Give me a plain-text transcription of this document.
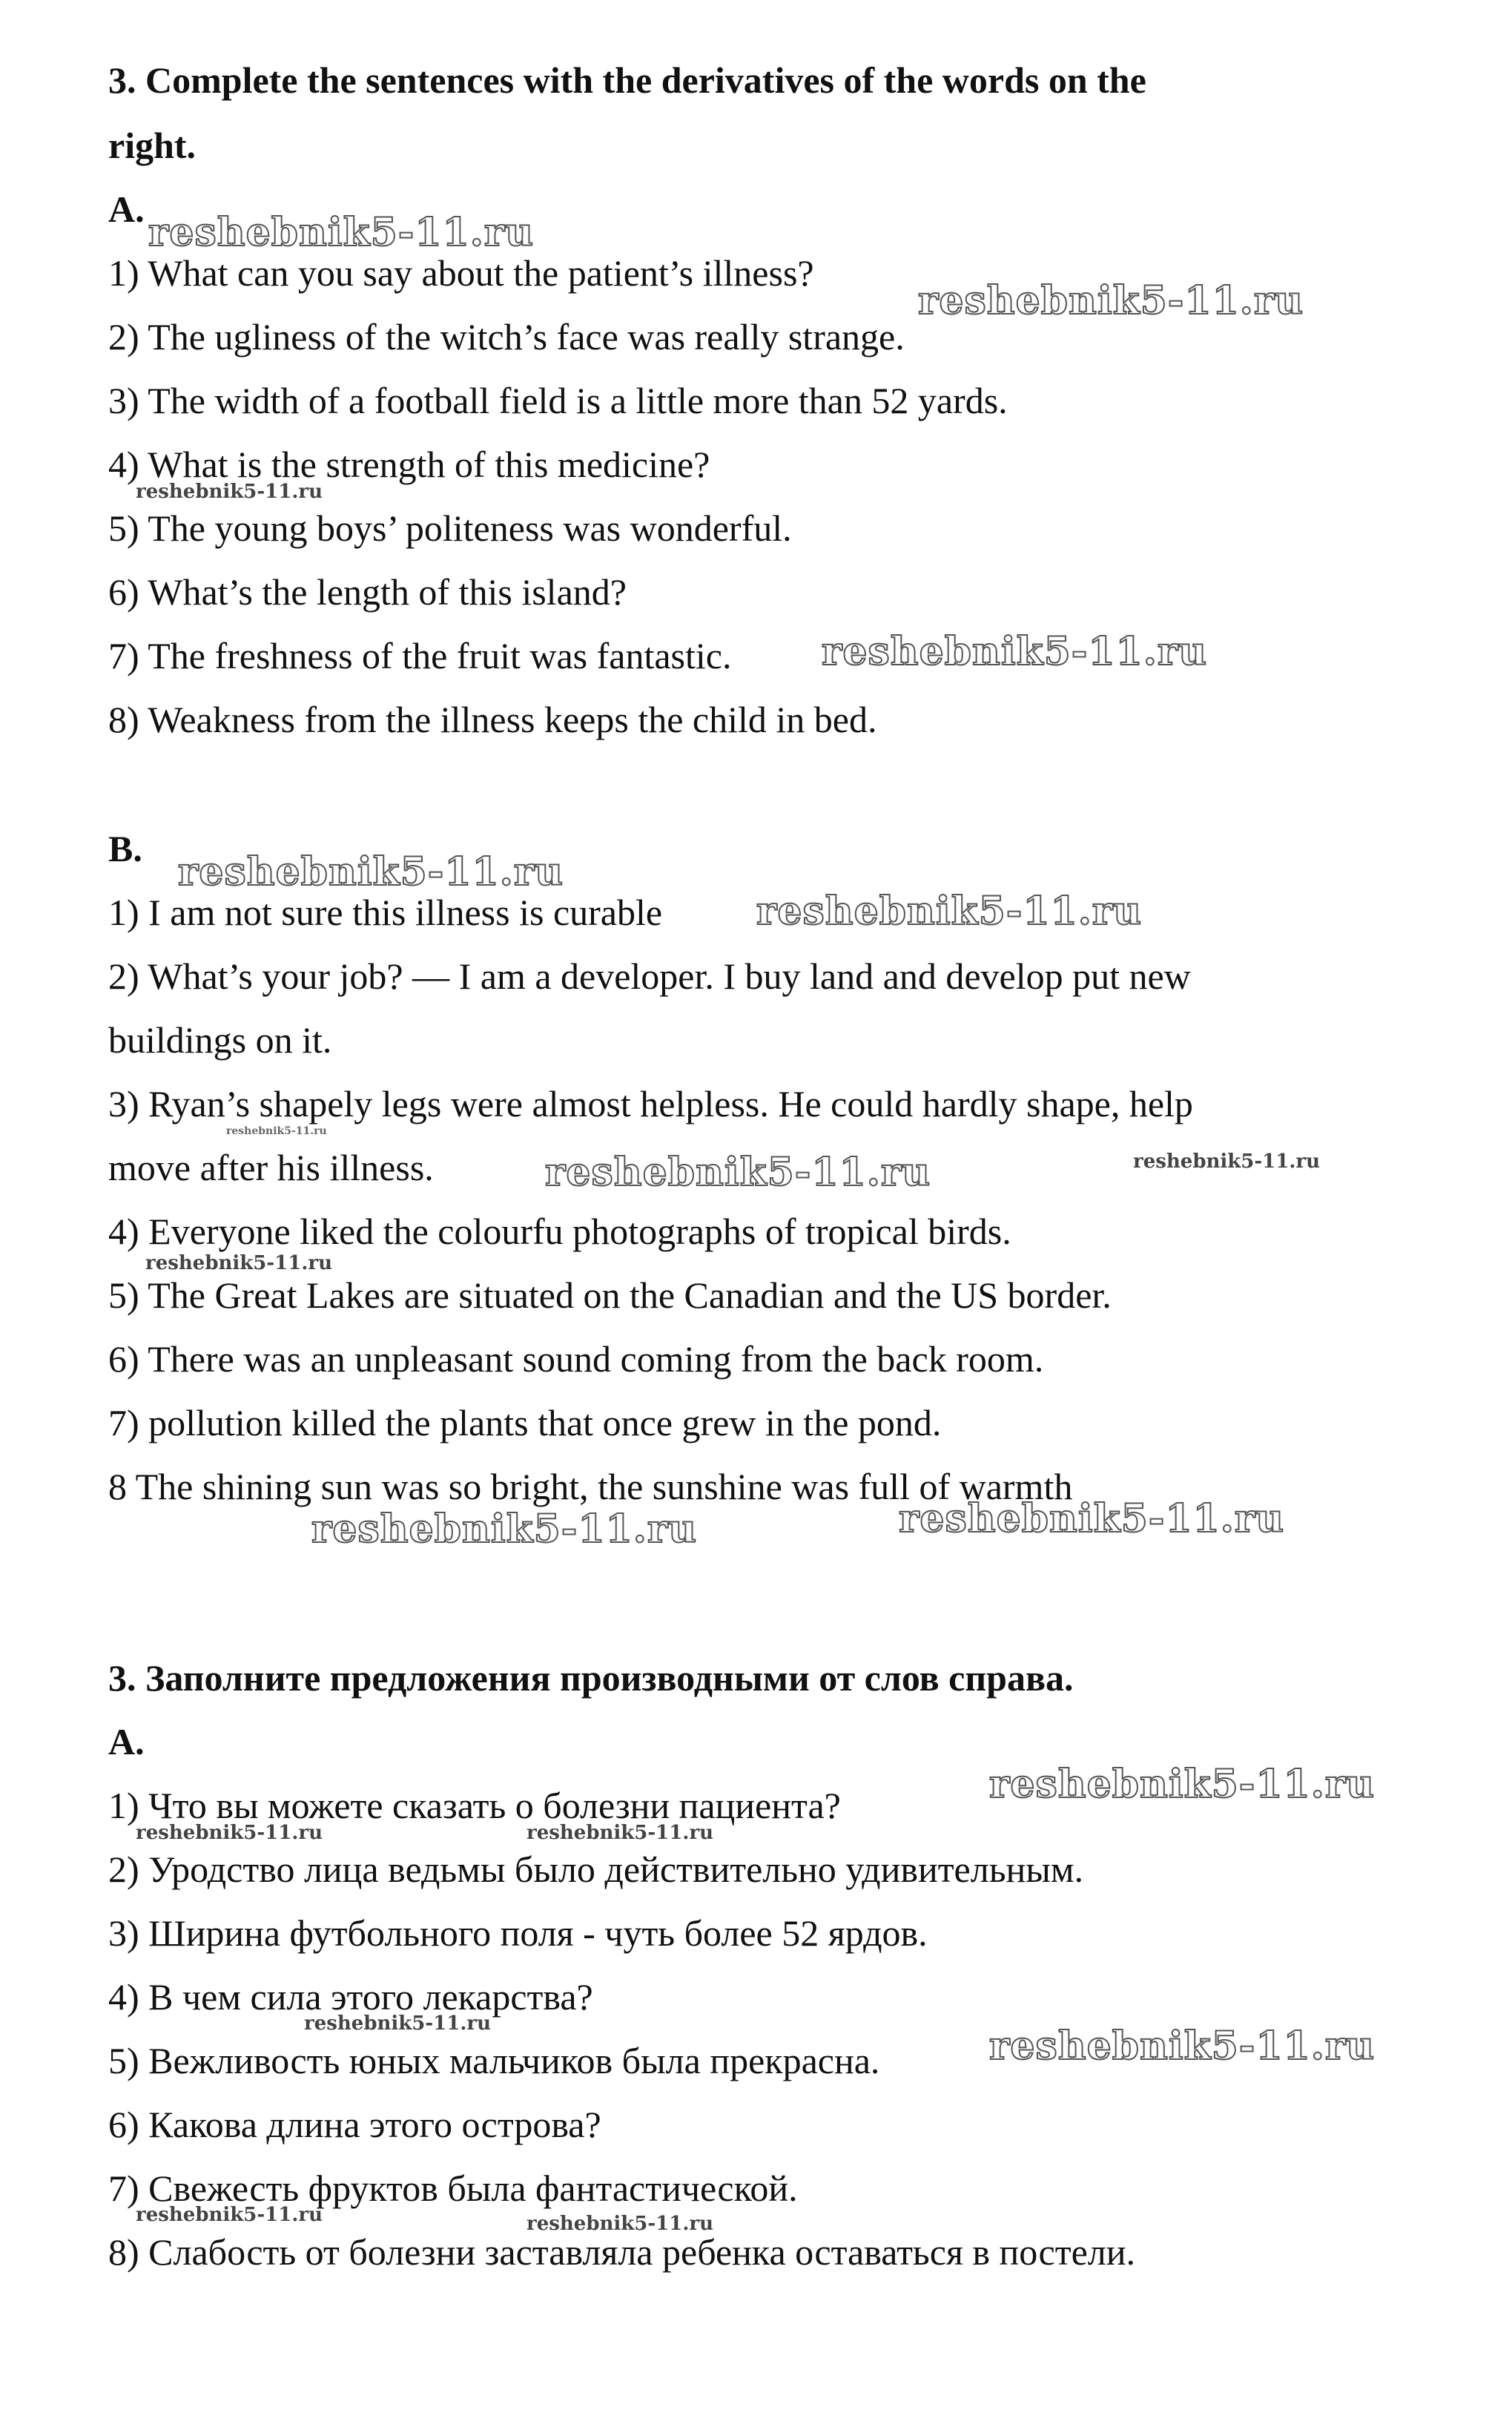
3. Complete the sentences with the derivatives of the words on the
right.
A.
1) What can you say about the patient’s illness?
2) The ugliness of the witch’s face was really strange.
3) The width of a football field is a little more than 52 yards.
4) What is the strength of this medicine?
5) The young boys’ politeness was wonderful.
6) What’s the length of this island?
7) The freshness of the fruit was fantastic.
8) Weakness from the illness keeps the child in bed.
B.
1) I am not sure this illness is curable
2) What’s your job? — I am a developer. I buy land and develop put new
buildings on it.
3) Ryan’s shapely legs were almost helpless. He could hardly shape, help
move after his illness.
4) Everyone liked the colourfu photographs of tropical birds.
5) The Great Lakes are situated on the Canadian and the US border.
6) There was an unpleasant sound coming from the back room.
7) pollution killed the plants that once grew in the pond.
8 The shining sun was so bright, the sunshine was full of warmth
3. Заполните предложения производными от слов справа.
A.
1) Что вы можете сказать о болезни пациента?
2) Уродство лица ведьмы было действительно удивительным.
3) Ширина футбольного поля - чуть более 52 ярдов.
4) В чем сила этого лекарства?
5) Вежливость юных мальчиков была прекрасна.
6) Какова длина этого острова?
7) Свежесть фруктов была фантастической.
8) Слабость от болезни заставляла ребенка оставаться в постели.
reshebnik5-11.ru
reshebnik5-11.ru
reshebnik5-11.ru
reshebnik5-11.ru
reshebnik5-11.ru
reshebnik5-11.ru
reshebnik5-11.ru
reshebnik5-11.ru	reshebnik5-11.ru
reshebnik5-11.ru
reshebnik5-11.ru	reshebnik5-11.ru
reshebnik5-11.ru
reshebnik5-11.ru	reshebnik5-11.ru
reshebnik5-11.ru	reshebnik5-11.ru
reshebnik5-11.ru	reshebnik5-11.ru
